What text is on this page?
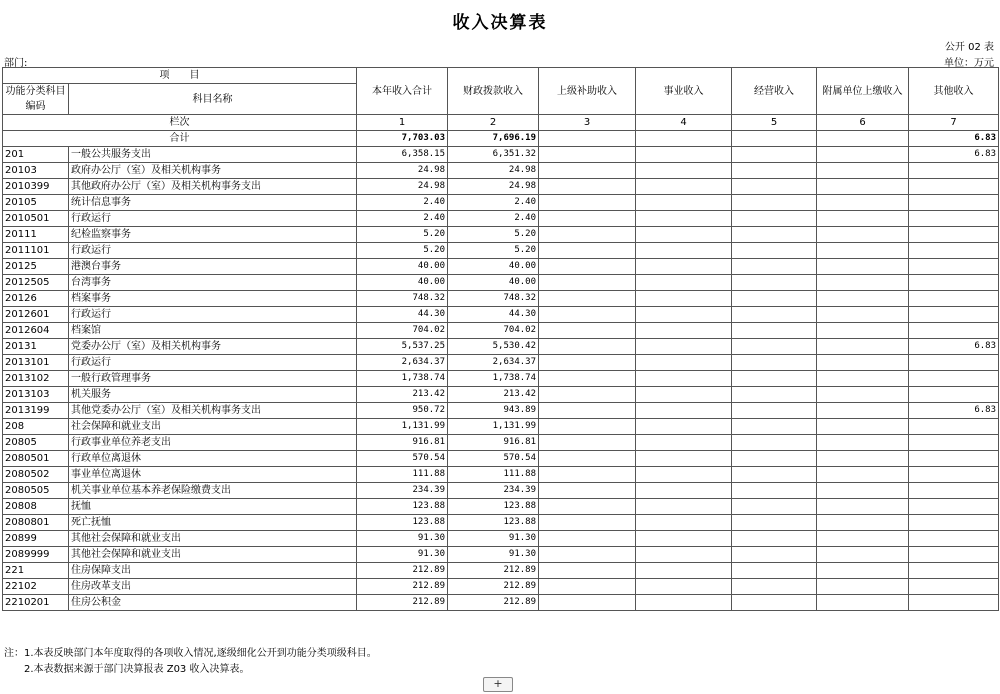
收入决算表
公开 02 表
部门:	单位：万元
项　　目		本年收入合计	财政拨款收入	上级补助收入	事业收入	经营收入	附属单位上缴收入	其他收入
功能分类科目编码	科目名称							

栏次		1	2	3	4	5	6	7
合计		7,703.03	7,696.19					6.83
201	一般公共服务支出	6,358.15	6,351.32					6.83
20103	政府办公厅（室）及相关机构事务	24.98	24.98					
2010399	其他政府办公厅（室）及相关机构事务支出	24.98	24.98					
20105	统计信息事务	2.40	2.40					
2010501	行政运行	2.40	2.40					
20111	纪检监察事务	5.20	5.20					
2011101	行政运行	5.20	5.20					
20125	港澳台事务	40.00	40.00					
2012505	台湾事务	40.00	40.00					
20126	档案事务	748.32	748.32					
2012601	行政运行	44.30	44.30					
2012604	档案馆	704.02	704.02					
20131	党委办公厅（室）及相关机构事务	5,537.25	5,530.42					6.83
2013101	行政运行	2,634.37	2,634.37					
2013102	一般行政管理事务	1,738.74	1,738.74					
2013103	机关服务	213.42	213.42					
2013199	其他党委办公厅（室）及相关机构事务支出	950.72	943.89					6.83
208	社会保障和就业支出	1,131.99	1,131.99					
20805	行政事业单位养老支出	916.81	916.81					
2080501	行政单位离退休	570.54	570.54					
2080502	事业单位离退休	111.88	111.88					
2080505	机关事业单位基本养老保险缴费支出	234.39	234.39					
20808	抚恤	123.88	123.88					
2080801	死亡抚恤	123.88	123.88					
20899	其他社会保障和就业支出	91.30	91.30					
2089999	其他社会保障和就业支出	91.30	91.30					
221	住房保障支出	212.89	212.89					
22102	住房改革支出	212.89	212.89					
2210201	住房公积金	212.89	212.89					
注：1.本表反映部门本年度取得的各项收入情况,逐级细化公开到功能分类项级科目。
2.本表数据来源于部门决算报表 Z03 收入决算表。
+
